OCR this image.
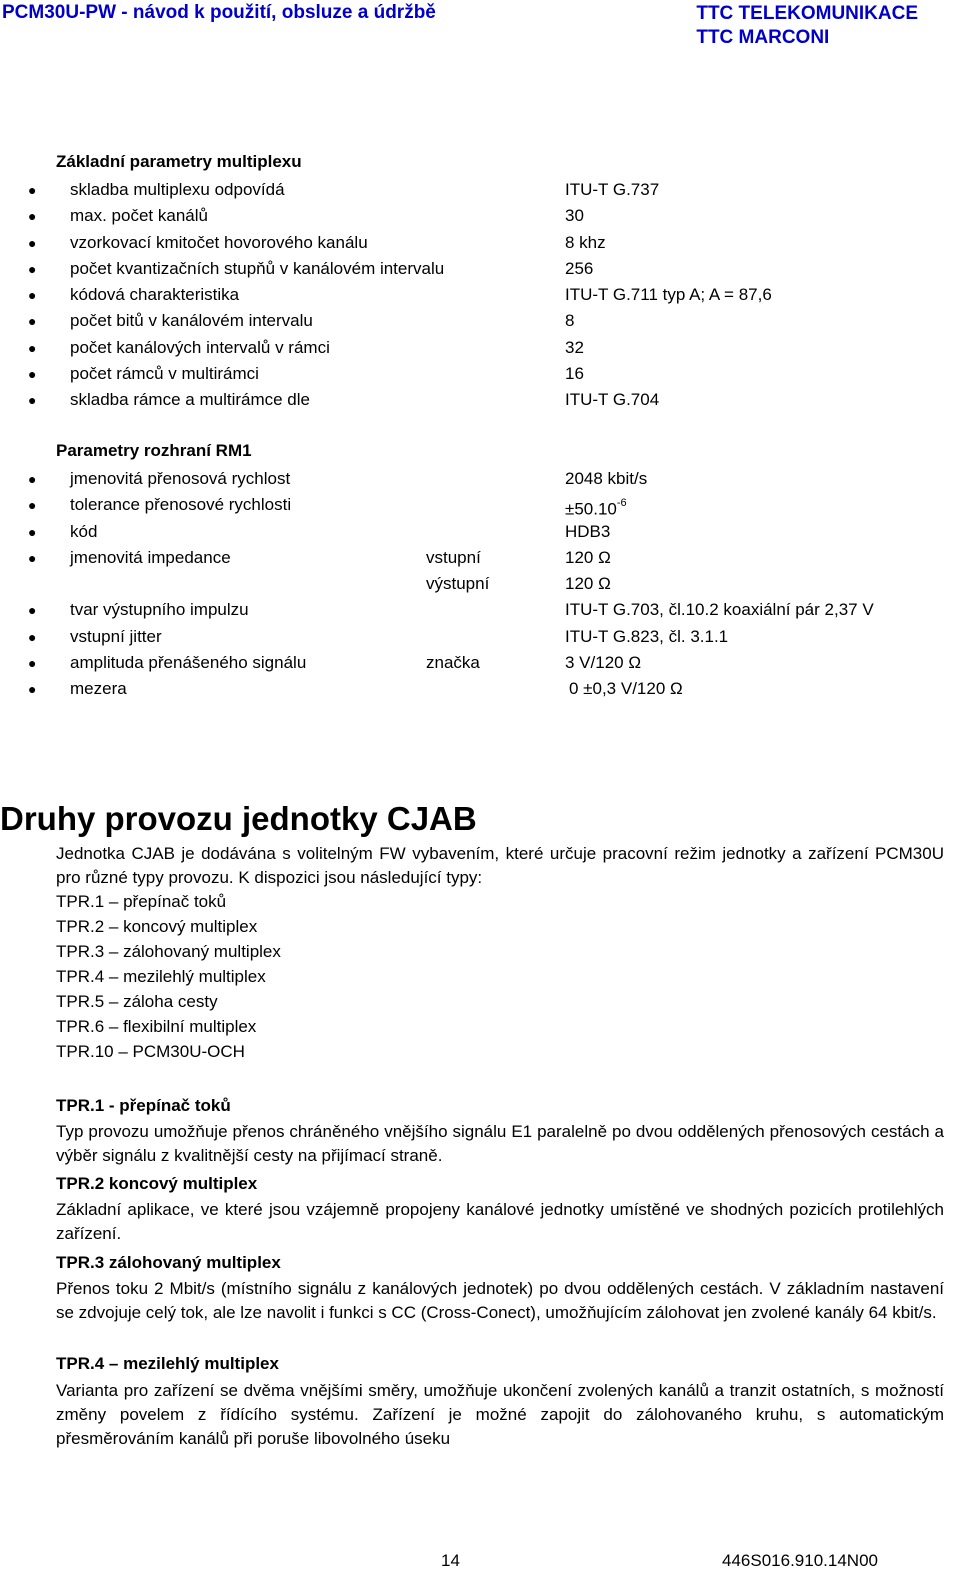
PCM30U-PW - návod k použití, obsluze a údržbě	TTC TELEKOMUNIKACE
TTC MARCONI
Základní parametry multiplexu
● skladba multiplexu odpovídá	ITU-T G.737
● max. počet kanálů	30
● vzorkovací kmitočet hovorového kanálu	8 khz
● počet kvantizačních stupňů v kanálovém intervalu	256
● kódová charakteristika	ITU-T G.711 typ A; A = 87,6
● počet bitů v kanálovém intervalu	8
● počet kanálových intervalů v rámci	32
● počet rámců v multirámci	16
● skladba rámce a multirámce dle	ITU-T G.704
Parametry rozhraní RM1
● jmenovitá přenosová rychlost	2048 kbit/s
● tolerance přenosové rychlosti	$\pm 50.10^{-6}$
● kód	HDB3
● jmenovitá impedance	vstupní	120 Ω
výstupní	120 Ω
● tvar výstupního impulzu	ITU-T G.703, čl.10.2 koaxiální pár 2,37 V
● vstupní jitter	ITU-T G.823, čl. 3.1.1
● amplituda přenášeného signálu	značka	3 V/120 Ω
● mezera	0 ±0,3 V/120 Ω
Druhy provozu jednotky CJAB
Jednotka CJAB je dodávána s volitelným FW vybavením, které určuje pracovní režim jednotky a zařízení PCM30U pro různé typy provozu. K dispozici jsou následující typy:
TPR.1 – přepínač toků
TPR.2 – koncový multiplex
TPR.3 – zálohovaný multiplex
TPR.4 – mezilehlý multiplex
TPR.5 – záloha cesty
TPR.6 – flexibilní multiplex
TPR.10 – PCM30U-OCH
TPR.1 - přepínač toků
Typ provozu umožňuje přenos chráněného vnějšího signálu E1 paralelně po dvou oddělených přenosových cestách a výběr signálu z kvalitnější cesty na přijímací straně.
TPR.2 koncový multiplex
Základní aplikace, ve které jsou vzájemně propojeny kanálové jednotky umístěné ve shodných pozicích protilehlých zařízení.
TPR.3 zálohovaný multiplex
Přenos toku 2 Mbit/s (místního signálu z kanálových jednotek) po dvou oddělených cestách. V základním nastavení se zdvojuje celý tok, ale lze navolit i funkci s CC (Cross-Conect), umožňujícím zálohovat jen zvolené kanály 64 kbit/s.
TPR.4 – mezilehlý multiplex
Varianta pro zařízení se dvěma vnějšími směry, umožňuje ukončení zvolených kanálů a tranzit ostatních, s možností změny povelem z řídícího systému. Zařízení je možné zapojit do zálohovaného kruhu, s automatickým přesměrováním kanálů při poruše libovolného úseku
14	446S016.910.14N00
